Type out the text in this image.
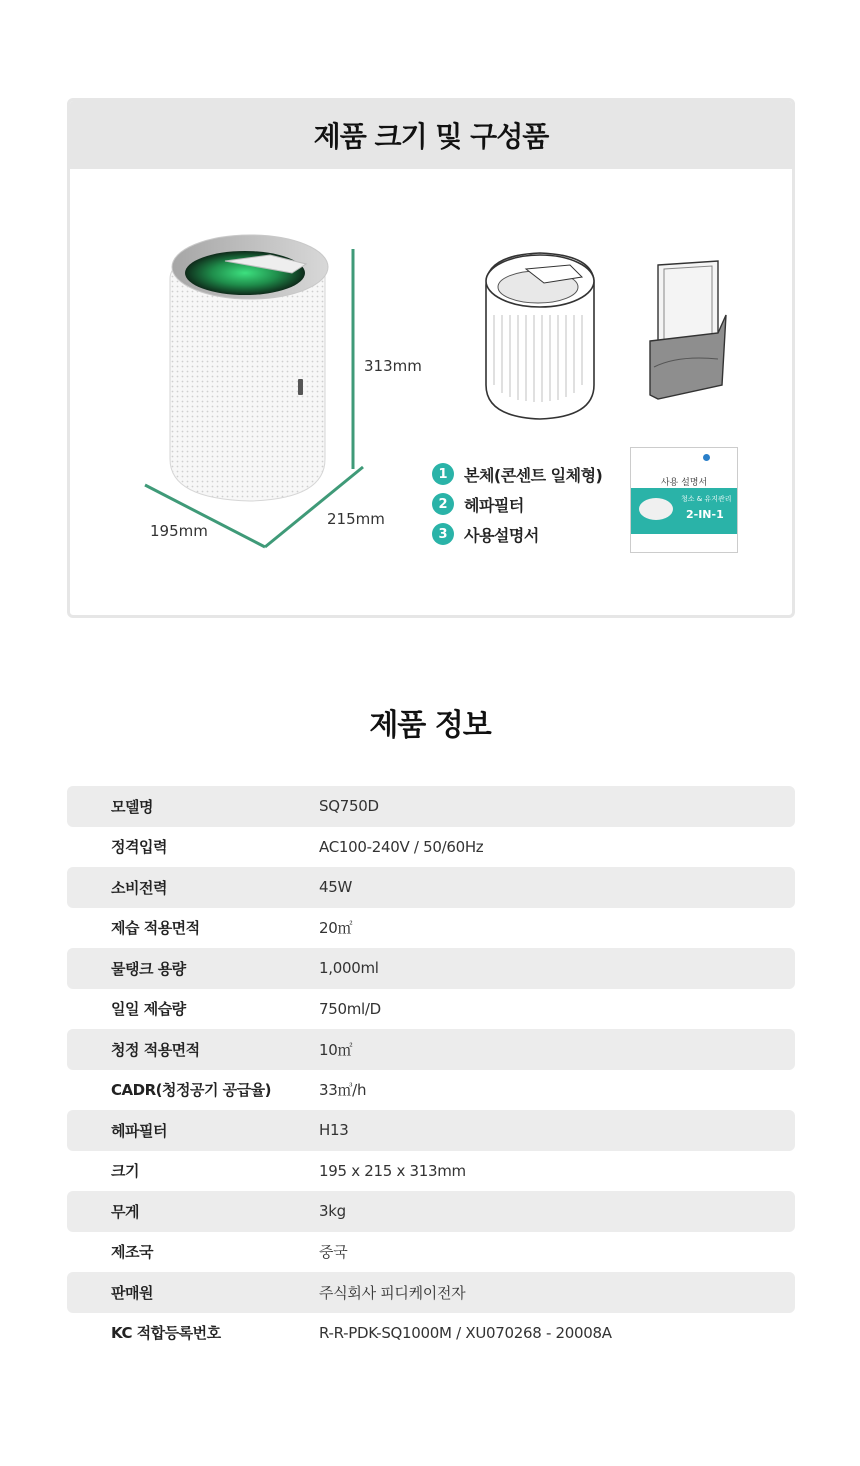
제품 크기 및 구성품
313mm
195mm
215mm
사용 설명서
청소 & 유지관리
2-IN-1
1	본체(콘센트 일체형)
2	헤파필터
3	사용설명서
제품 정보
모델명	SQ750D
정격입력	AC100-240V / 50/60Hz
소비전력	45W
제습 적용면적	20㎡
물탱크 용량	1,000ml
일일 제습량	750ml/D
청정 적용면적	10㎡
CADR(청정공기 공급율)	33㎥/h
헤파필터	H13
크기	195 x 215 x 313mm
무게	3kg
제조국	중국
판매원	주식회사 피디케이전자
KC 적합등록번호	R-R-PDK-SQ1000M / XU070268 - 20008A
